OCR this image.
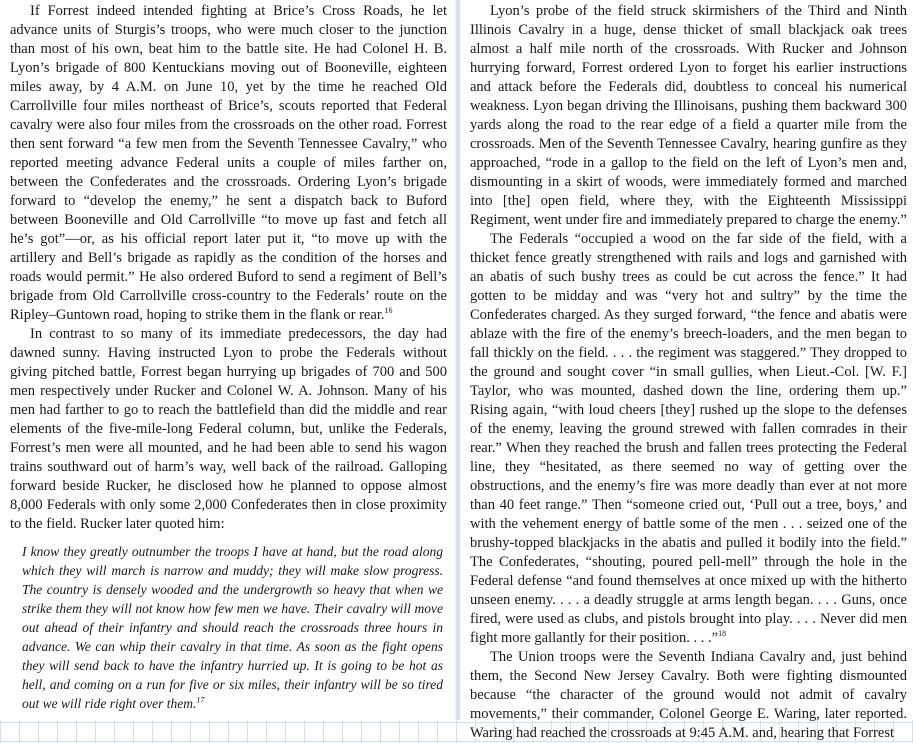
If Forrest indeed intended fighting at Brice’s Cross Roads, he let advance units of Sturgis’s troops, who were much closer to the junction than most of his own, beat him to the battle site. He had Colonel H. B. Lyon’s brigade of 800 Kentuckians moving out of Booneville, eighteen miles away, by 4 A.M. on June 10, yet by the time he reached Old Carrollville four miles northeast of Brice’s, scouts reported that Federal cavalry were also four miles from the crossroads on the other road. Forrest then sent forward “a few men from the Seventh Tennessee Cavalry,” who reported meeting advance Federal units a couple of miles farther on, between the Confederates and the crossroads. Ordering Lyon’s brigade forward to “develop the enemy,” he sent a dispatch back to Buford between Booneville and Old Carrollville “to move up fast and fetch all he’s got”—or, as his official report later put it, “to move up with the artillery and Bell’s brigade as rapidly as the condition of the horses and roads would permit.” He also ordered Buford to send a regiment of Bell’s brigade from Old Carrollville cross-country to the Federals’ route on the Ripley–Guntown road, hoping to strike them in the flank or rear.$^{16}$

In contrast to so many of its immediate predecessors, the day had dawned sunny. Having instructed Lyon to probe the Federals without giving pitched battle, Forrest began hurrying up brigades of 700 and 500 men respectively under Rucker and Colonel W. A. Johnson. Many of his men had farther to go to reach the battlefield than did the middle and rear elements of the five-mile-long Federal column, but, unlike the Federals, Forrest’s men were all mounted, and he had been able to send his wagon trains southward out of harm’s way, well back of the railroad. Galloping forward beside Rucker, he disclosed how he planned to oppose almost 8,000 Federals with only some 2,000 Confederates then in close proximity to the field. Rucker later quoted him:

I know they greatly outnumber the troops I have at hand, but the road along which they will march is narrow and muddy; they will make slow progress. The country is densely wooded and the undergrowth so heavy that when we strike them they will not know how few men we have. Their cavalry will move out ahead of their infantry and should reach the crossroads three hours in advance. We can whip their cavalry in that time. As soon as the fight opens they will send back to have the infantry hurried up. It is going to be hot as hell, and coming on a run for five or six miles, their infantry will be so tired out we will ride right over them.$^{17}$

Lyon’s probe of the field struck skirmishers of the Third and Ninth Illinois Cavalry in a huge, dense thicket of small blackjack oak trees almost a half mile north of the crossroads. With Rucker and Johnson hurrying forward, Forrest ordered Lyon to forget his earlier instructions and attack before the Federals did, doubtless to conceal his numerical weakness. Lyon began driving the Illinoisans, pushing them backward 300 yards along the road to the rear edge of a field a quarter mile from the crossroads. Men of the Seventh Tennessee Cavalry, hearing gunfire as they approached, “rode in a gallop to the field on the left of Lyon’s men and, dismounting in a skirt of woods, were immediately formed and marched into [the] open field, where they, with the Eighteenth Mississippi Regiment, went under fire and immediately prepared to charge the enemy.”

The Federals “occupied a wood on the far side of the field, with a thicket fence greatly strengthened with rails and logs and garnished with an abatis of such bushy trees as could be cut across the fence.” It had gotten to be midday and was “very hot and sultry” by the time the Confederates charged. As they surged forward, “the fence and abatis were ablaze with the fire of the enemy’s breech-loaders, and the men began to fall thickly on the field. . . . the regiment was staggered.” They dropped to the ground and sought cover “in small gullies, when Lieut.-Col. [W. F.] Taylor, who was mounted, dashed down the line, ordering them up.” Rising again, “with loud cheers [they] rushed up the slope to the defenses of the enemy, leaving the ground strewed with fallen comrades in their rear.” When they reached the brush and fallen trees protecting the Federal line, they “hesitated, as there seemed no way of getting over the obstructions, and the enemy’s fire was more deadly than ever at not more than 40 feet range.” Then “someone cried out, ‘Pull out a tree, boys,’ and with the vehement energy of battle some of the men . . . seized one of the brushy-topped blackjacks in the abatis and pulled it bodily into the field.” The Confederates, “shouting, poured pell-mell” through the hole in the Federal defense “and found themselves at once mixed up with the hitherto unseen enemy. . . . a deadly struggle at arms length began. . . . Guns, once fired, were used as clubs, and pistols brought into play. . . . Never did men fight more gallantly for their position. . . .”$^{18}$

The Union troops were the Seventh Indiana Cavalry and, just behind them, the Second New Jersey Cavalry. Both were fighting dismounted because “the character of the ground would not admit of cavalry movements,” their commander, Colonel George E. Waring, later reported. Waring had reached the crossroads at 9:45 A.M. and, hearing that Forrest
